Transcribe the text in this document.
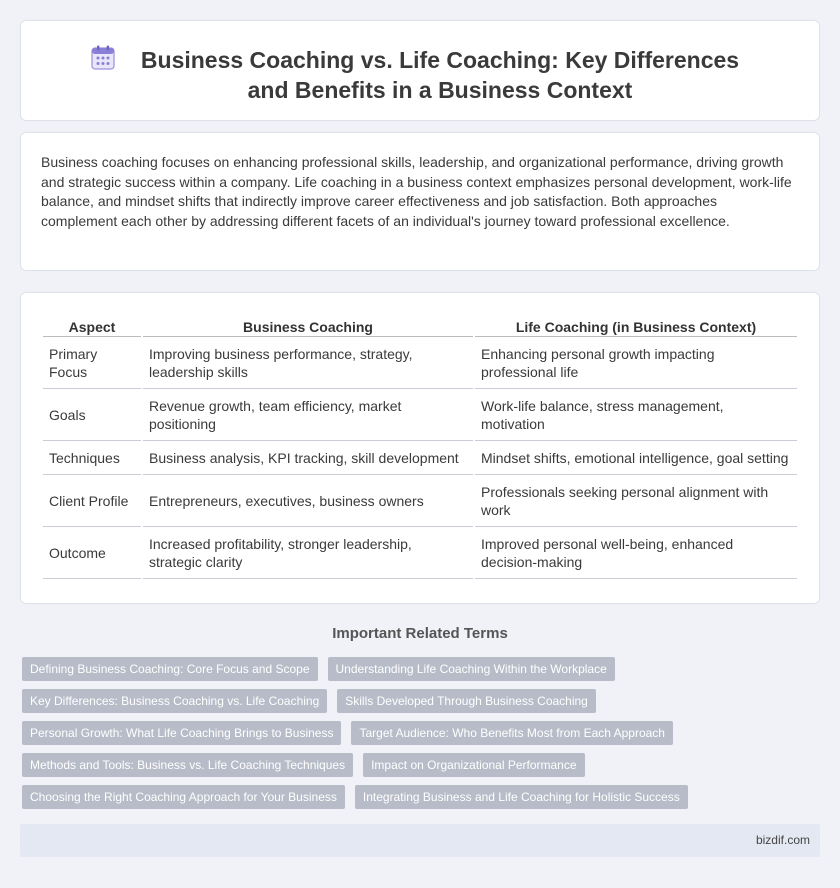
Business Coaching vs. Life Coaching: Key Differences and Benefits in a Business Context

Business coaching focuses on enhancing professional skills, leadership, and organizational performance, driving growth and strategic success within a company. Life coaching in a business context emphasizes personal development, work-life balance, and mindset shifts that indirectly improve career effectiveness and job satisfaction. Both approaches complement each other by addressing different facets of an individual's journey toward professional excellence.

Aspect	Business Coaching	Life Coaching (in Business Context)
Primary Focus	Improving business performance, strategy, leadership skills	Enhancing personal growth impacting professional life
Goals	Revenue growth, team efficiency, market positioning	Work-life balance, stress management, motivation
Techniques	Business analysis, KPI tracking, skill development	Mindset shifts, emotional intelligence, goal setting
Client Profile	Entrepreneurs, executives, business owners	Professionals seeking personal alignment with work
Outcome	Increased profitability, stronger leadership, strategic clarity	Improved personal well-being, enhanced decision-making
Important Related Terms
Defining Business Coaching: Core Focus and Scope Understanding Life Coaching Within the Workplace
Key Differences: Business Coaching vs. Life Coaching Skills Developed Through Business Coaching
Personal Growth: What Life Coaching Brings to Business Target Audience: Who Benefits Most from Each Approach
Methods and Tools: Business vs. Life Coaching Techniques Impact on Organizational Performance
Choosing the Right Coaching Approach for Your Business Integrating Business and Life Coaching for Holistic Success
bizdif.com
